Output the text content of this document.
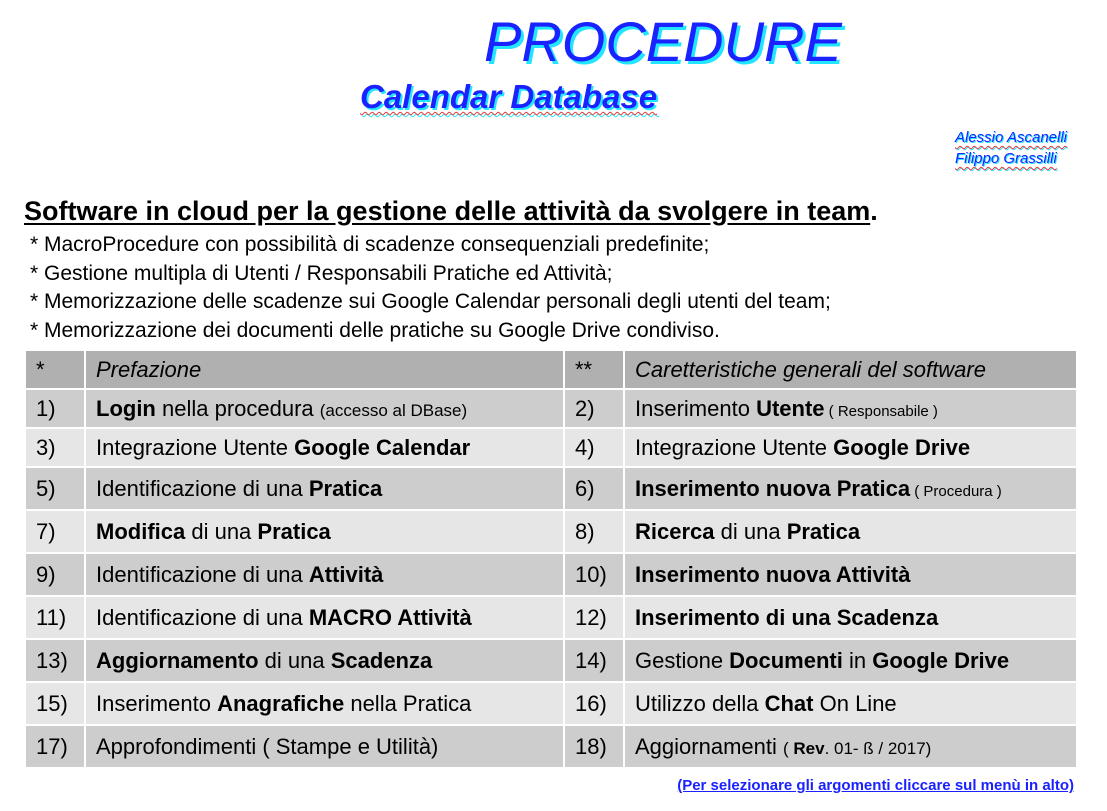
PROCEDURE
Calendar Database
Alessio Ascanelli
Filippo Grassilli
Software in cloud per la gestione delle attività da svolgere in team.
* MacroProcedure con possibilità di scadenze consequenziali predefinite;
* Gestione multipla di Utenti / Responsabili Pratiche ed Attività;
* Memorizzazione delle scadenze sui Google Calendar personali degli utenti del team;
* Memorizzazione dei documenti delle pratiche su Google Drive condiviso.
*	Prefazione	**	Caretteristiche generali del software
1)	Login nella procedura (accesso al DBase)	2)	Inserimento Utente ( Responsabile )
3)	Integrazione Utente Google Calendar	4)	Integrazione Utente Google Drive
5)	Identificazione di una Pratica	6)	Inserimento nuova Pratica ( Procedura )
7)	Modifica di una Pratica	8)	Ricerca di una Pratica
9)	Identificazione di una Attività	10)	Inserimento nuova Attività
11)	Identificazione di una MACRO Attività	12)	Inserimento di una Scadenza
13)	Aggiornamento di una Scadenza	14)	Gestione Documenti in Google Drive
15)	Inserimento Anagrafiche nella Pratica	16)	Utilizzo della Chat On Line
17)	Approfondimenti ( Stampe e Utilità)	18)	Aggiornamenti ( Rev. 01- ß / 2017)
(Per selezionare gli argomenti cliccare sul menù in alto)
